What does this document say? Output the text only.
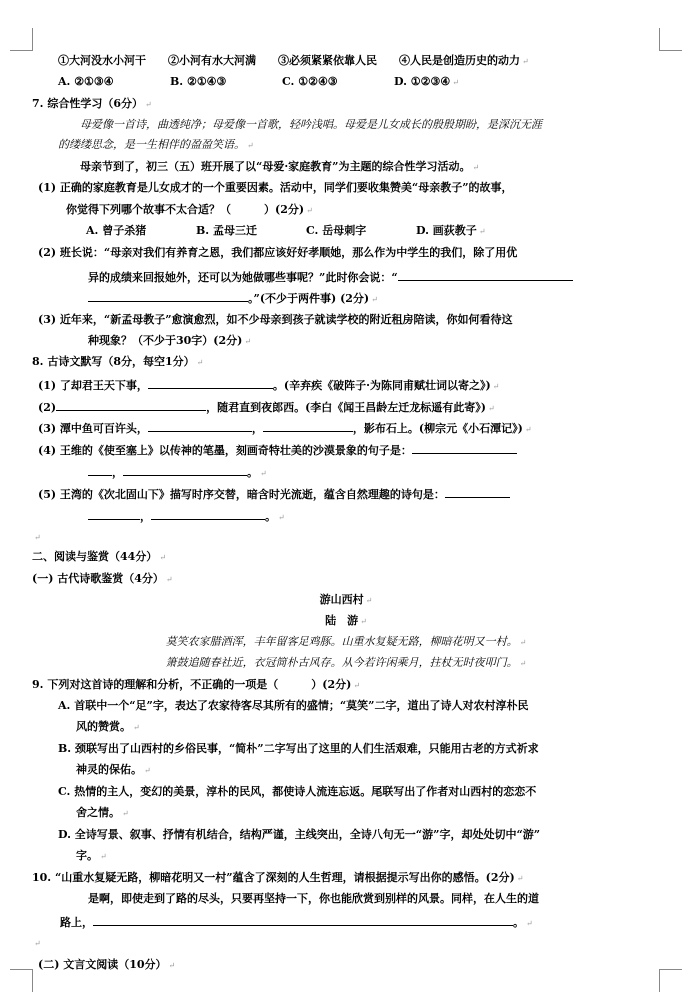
①大河没水小河干　　②小河有水大河满　　③必须紧紧依靠人民　　④人民是创造历史的动力 ↵
A. ②①③④	B. ②①④③	C. ①②④③	D. ①②③④ ↵
7. 综合性学习（6分） ↵
母爱像一首诗，曲透纯净；母爱像一首歌，轻吟浅唱。母爱是儿女成长的殷殷期盼，是深沉无涯
的缕缕思念，是一生相伴的盈盈笑语。 ↵
母亲节到了，初三（五）班开展了以“母爱·家庭教育”为主题的综合性学习活动。 ↵
(1) 正确的家庭教育是儿女成才的一个重要因素。活动中，同学们要收集赞美“母亲教子”的故事，
你觉得下列哪个故事不太合适？（　　　）(2分) ↵
A. 曾子杀猪	B. 孟母三迁	C. 岳母刺字	D. 画荻教子 ↵
(2) 班长说：“母亲对我们有养育之恩，我们都应该好好孝顺她，那么作为中学生的我们，除了用优
异的成绩来回报她外，还可以为她做哪些事呢？”此时你会说：“
。”(不少于两件事) (2分) ↵
(3) 近年来，“新孟母教子”愈演愈烈，如不少母亲到孩子就读学校的附近租房陪读，你如何看待这
种现象？（不少于30字）(2分) ↵
8. 古诗文默写（8分，每空1分） ↵
(1) 了却君王天下事，	。(辛弃疾《破阵子·为陈同甫赋壮词以寄之》) ↵
(2)	，随君直到夜郎西。(李白《闻王昌龄左迁龙标遥有此寄》) ↵
(3) 潭中鱼可百许头，	，	，影布石上。(柳宗元《小石潭记》) ↵
(4) 王维的《使至塞上》以传神的笔墨，刻画奇特壮美的沙漠景象的句子是：
，	。 ↵
(5) 王湾的《次北固山下》描写时序交替，暗含时光流逝，蕴含自然理趣的诗句是：
，	。 ↵
↵
二、阅读与鉴赏（44分） ↵
(一) 古代诗歌鉴赏（4分） ↵
游山西村 ↵
陆　游 ↵
莫笑农家腊酒浑，丰年留客足鸡豚。山重水复疑无路，柳暗花明又一村。 ↵
箫鼓追随春社近，衣冠简朴古风存。从今若许闲乘月，拄杖无时夜叩门。 ↵
9. 下列对这首诗的理解和分析，不正确的一项是（　　　）(2分) ↵
A. 首联中一个“足”字，表达了农家待客尽其所有的盛情；“莫笑”二字，道出了诗人对农村淳朴民
风的赞赏。 ↵
B. 颈联写出了山西村的乡俗民事，“简朴”二字写出了这里的人们生活艰难，只能用古老的方式祈求
神灵的保佑。 ↵
C. 热情的主人，变幻的美景，淳朴的民风，都使诗人流连忘返。尾联写出了作者对山西村的恋恋不
舍之情。 ↵
D. 全诗写景、叙事、抒情有机结合，结构严谨，主线突出，全诗八句无一“游”字，却处处切中“游”
字。 ↵
10. “山重水复疑无路，柳暗花明又一村”蕴含了深刻的人生哲理，请根据提示写出你的感悟。(2分) ↵
是啊，即使走到了路的尽头，只要再坚持一下，你也能欣赏到别样的风景。同样，在人生的道
路上，	。 ↵
↵
(二) 文言文阅读（10分） ↵
